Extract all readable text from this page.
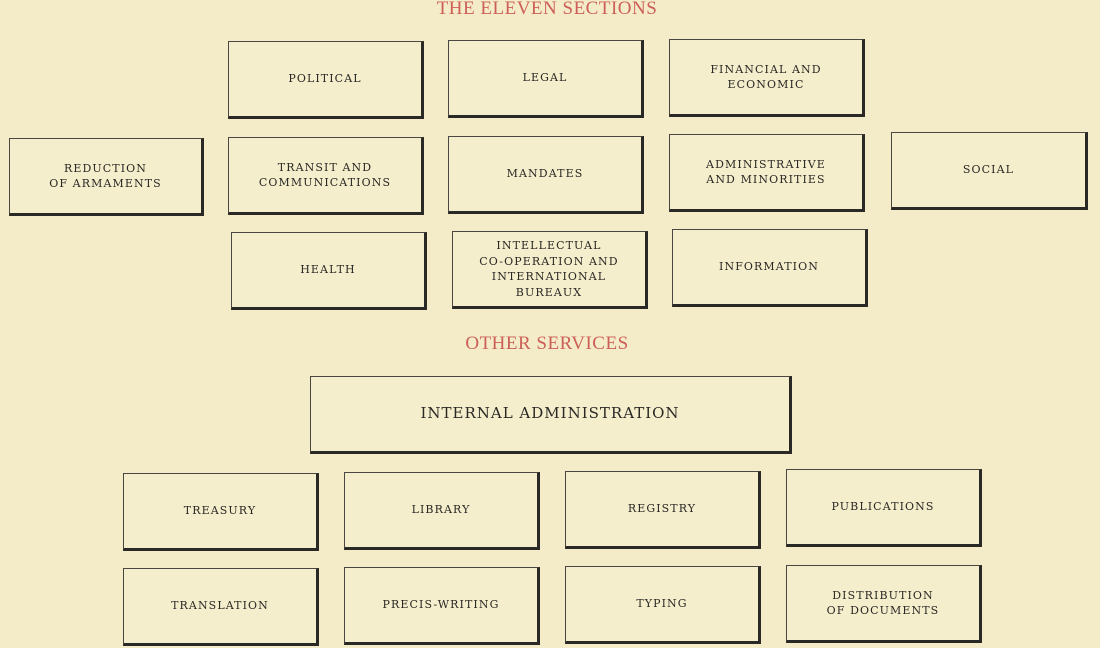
THE ELEVEN SECTIONS
OTHER SERVICES
POLITICAL	LEGAL
FINANCIAL AND
ECONOMIC
REDUCTION
OF ARMAMENTS
TRANSIT AND
COMMUNICATIONS
MANDATES
ADMINISTRATIVE
AND MINORITIES
SOCIAL
HEALTH
INTELLECTUAL
CO-OPERATION AND
INTERNATIONAL
BUREAUX
INFORMATION
INTERNAL ADMINISTRATION
TREASURY	LIBRARY	REGISTRY	PUBLICATIONS
TRANSLATION	PRECIS-WRITING	TYPING
DISTRIBUTION
OF DOCUMENTS
